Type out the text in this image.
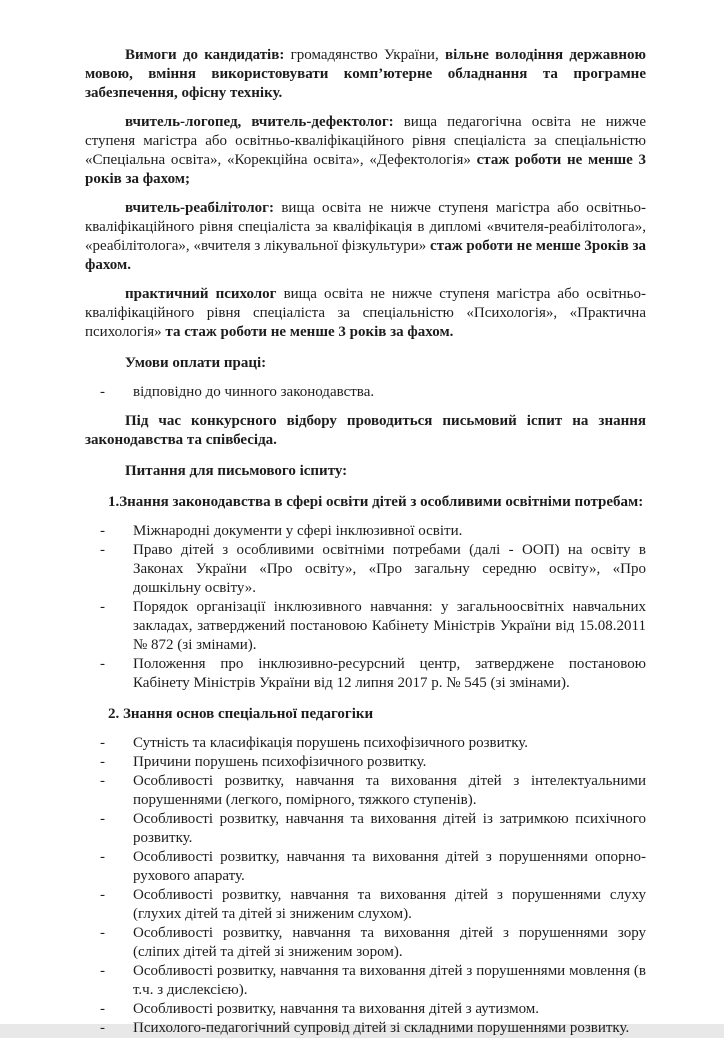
Вимоги до кандидатів: громадянство України, вільне володіння державною мовою, вміння використовувати комп’ютерне обладнання та програмне забезпечення, офісну техніку.

вчитель-логопед, вчитель-дефектолог: вища педагогічна освіта не нижче ступеня магістра або освітньо-кваліфікаційного рівня спеціаліста за спеціальністю «Спеціальна освіта», «Корекційна освіта», «Дефектологія» стаж роботи не менше 3 років за фахом;

вчитель-реабілітолог: вища освіта не нижче ступеня магістра або освітньо-кваліфікаційного рівня спеціаліста за кваліфікація в дипломі «вчителя-реабілітолога», «реабілітолога», «вчителя з лікувальної фізкультури» стаж роботи не менше 3років за фахом.

практичний психолог вища освіта не нижче ступеня магістра або освітньо-кваліфікаційного рівня спеціаліста за спеціальністю «Психологія», «Практична психологія» та стаж роботи не менше 3 років за фахом.

Умови оплати праці:

-	відповідно до чинного законодавства.

Під час конкурсного відбору проводиться письмовий іспит на знання законодавства та співбесіда.

Питання для письмового іспиту:

1.Знання законодавства в сфері освіти дітей з особливими освітніми потребам:

-	Міжнародні документи у сфері інклюзивної освіти.
-	Право дітей з особливими освітніми потребами (далі - ООП) на освіту в Законах України «Про освіту», «Про загальну середню освіту», «Про дошкільну освіту».
-	Порядок організації інклюзивного навчання: у загальноосвітніх навчальних закладах, затверджений постановою Кабінету Міністрів України від 15.08.2011 № 872 (зі змінами).
-	Положення про інклюзивно-ресурсний центр, затверджене постановою Кабінету Міністрів України від 12 липня 2017 р. № 545 (зі змінами).

2. Знання основ спеціальної педагогіки

-	Сутність та класифікація порушень психофізичного розвитку.
-	Причини порушень психофізичного розвитку.
-	Особливості розвитку, навчання та виховання дітей з інтелектуальними порушеннями (легкого, помірного, тяжкого ступенів).
-	Особливості розвитку, навчання та виховання дітей із затримкою психічного розвитку.
-	Особливості розвитку, навчання та виховання дітей з порушеннями опорно-рухового апарату.
-	Особливості розвитку, навчання та виховання дітей з порушеннями слуху (глухих дітей та дітей зі зниженим слухом).
-	Особливості розвитку, навчання та виховання дітей з порушеннями зору (сліпих дітей та дітей зі зниженим зором).
-	Особливості розвитку, навчання та виховання дітей з порушеннями мовлення (в т.ч. з дислексією).
-	Особливості розвитку, навчання та виховання дітей з аутизмом.
-	Психолого-педагогічний супровід дітей зі складними порушеннями розвитку.
